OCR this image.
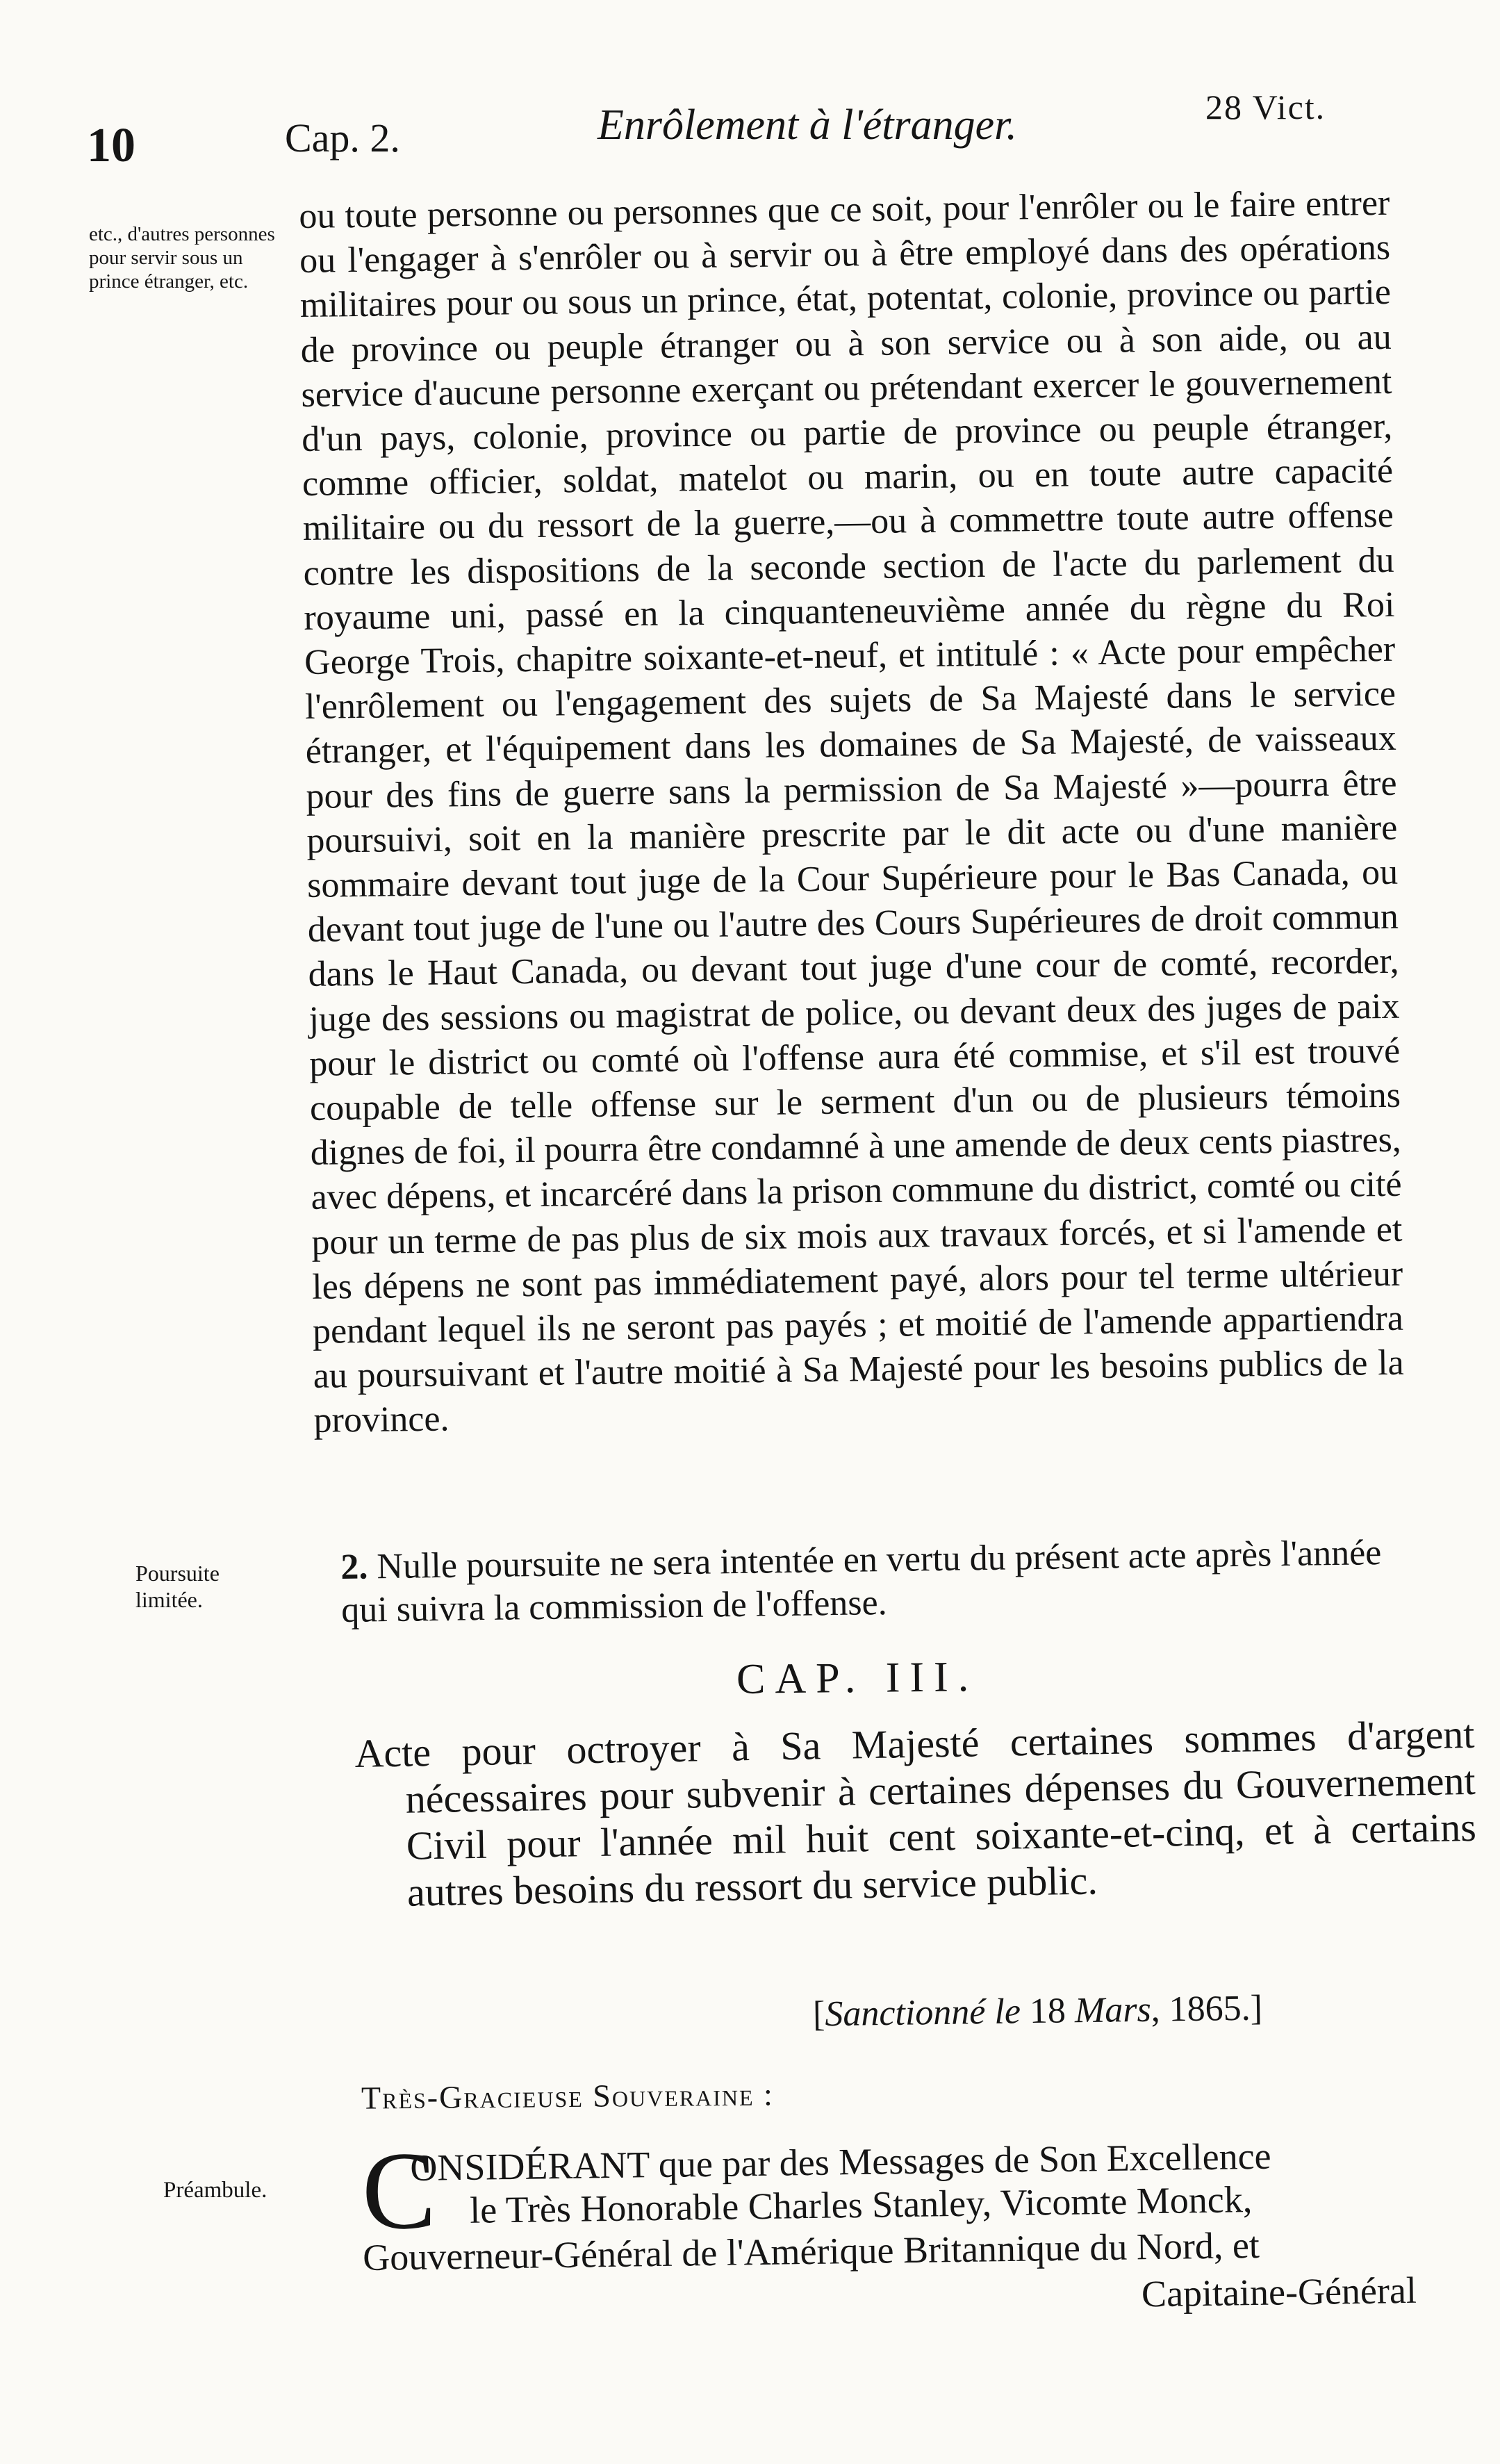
10	Cap. 2.	Enrôlement à l'étranger.	28 Vict.
etc., d'autres personnes pour servir sous un prince étranger, etc.
Poursuite limitée.
Préambule.
ou toute personne ou personnes que ce soit, pour l'enrôler ou le faire entrer ou l'engager à s'enrôler ou à servir ou à être employé dans des opérations militaires pour ou sous un prince, état, potentat, colonie, province ou partie de province ou peuple étranger ou à son service ou à son aide, ou au service d'aucune personne exerçant ou prétendant exercer le gouvernement d'un pays, colonie, province ou partie de province ou peuple étranger, comme officier, soldat, matelot ou marin, ou en toute autre capacité militaire ou du ressort de la guerre,—ou à commettre toute autre offense contre les dispositions de la seconde section de l'acte du parlement du royaume uni, passé en la cinquanteneuvième année du règne du Roi George Trois, chapitre soixante-et-neuf, et intitulé : « Acte pour empêcher l'enrôlement ou l'engagement des sujets de Sa Majesté dans le service étranger, et l'équipement dans les domaines de Sa Majesté, de vaisseaux pour des fins de guerre sans la permission de Sa Majesté »—pourra être poursuivi, soit en la manière prescrite par le dit acte ou d'une manière sommaire devant tout juge de la Cour Supérieure pour le Bas Canada, ou devant tout juge de l'une ou l'autre des Cours Supérieures de droit commun dans le Haut Canada, ou devant tout juge d'une cour de comté, recorder, juge des sessions ou magistrat de police, ou devant deux des juges de paix pour le district ou comté où l'offense aura été commise, et s'il est trouvé coupable de telle offense sur le serment d'un ou de plusieurs témoins dignes de foi, il pourra être condamné à une amende de deux cents piastres, avec dépens, et incarcéré dans la prison commune du district, comté ou cité pour un terme de pas plus de six mois aux travaux forcés, et si l'amende et les dépens ne sont pas immédiatement payé, alors pour tel terme ultérieur pendant lequel ils ne seront pas payés ; et moitié de l'amende appartiendra au poursuivant et l'autre moitié à Sa Majesté pour les besoins publics de la province.
2. Nulle poursuite ne sera intentée en vertu du présent acte après l'année qui suivra la commission de l'offense.
CAP. III.
Acte pour octroyer à Sa Majesté certaines sommes d'argent nécessaires pour subvenir à certaines dépenses du Gouvernement Civil pour l'année mil huit cent soixante-et-cinq, et à certains autres besoins du ressort du service public.
[Sanctionné le 18 Mars, 1865.]
Très-Gracieuse Souveraine :
C
ONSIDÉRANT que par des Messages de Son Excellence
le Très Honorable Charles Stanley, Vicomte Monck,
Gouverneur-Général de l'Amérique Britannique du Nord, et
Capitaine-Général
